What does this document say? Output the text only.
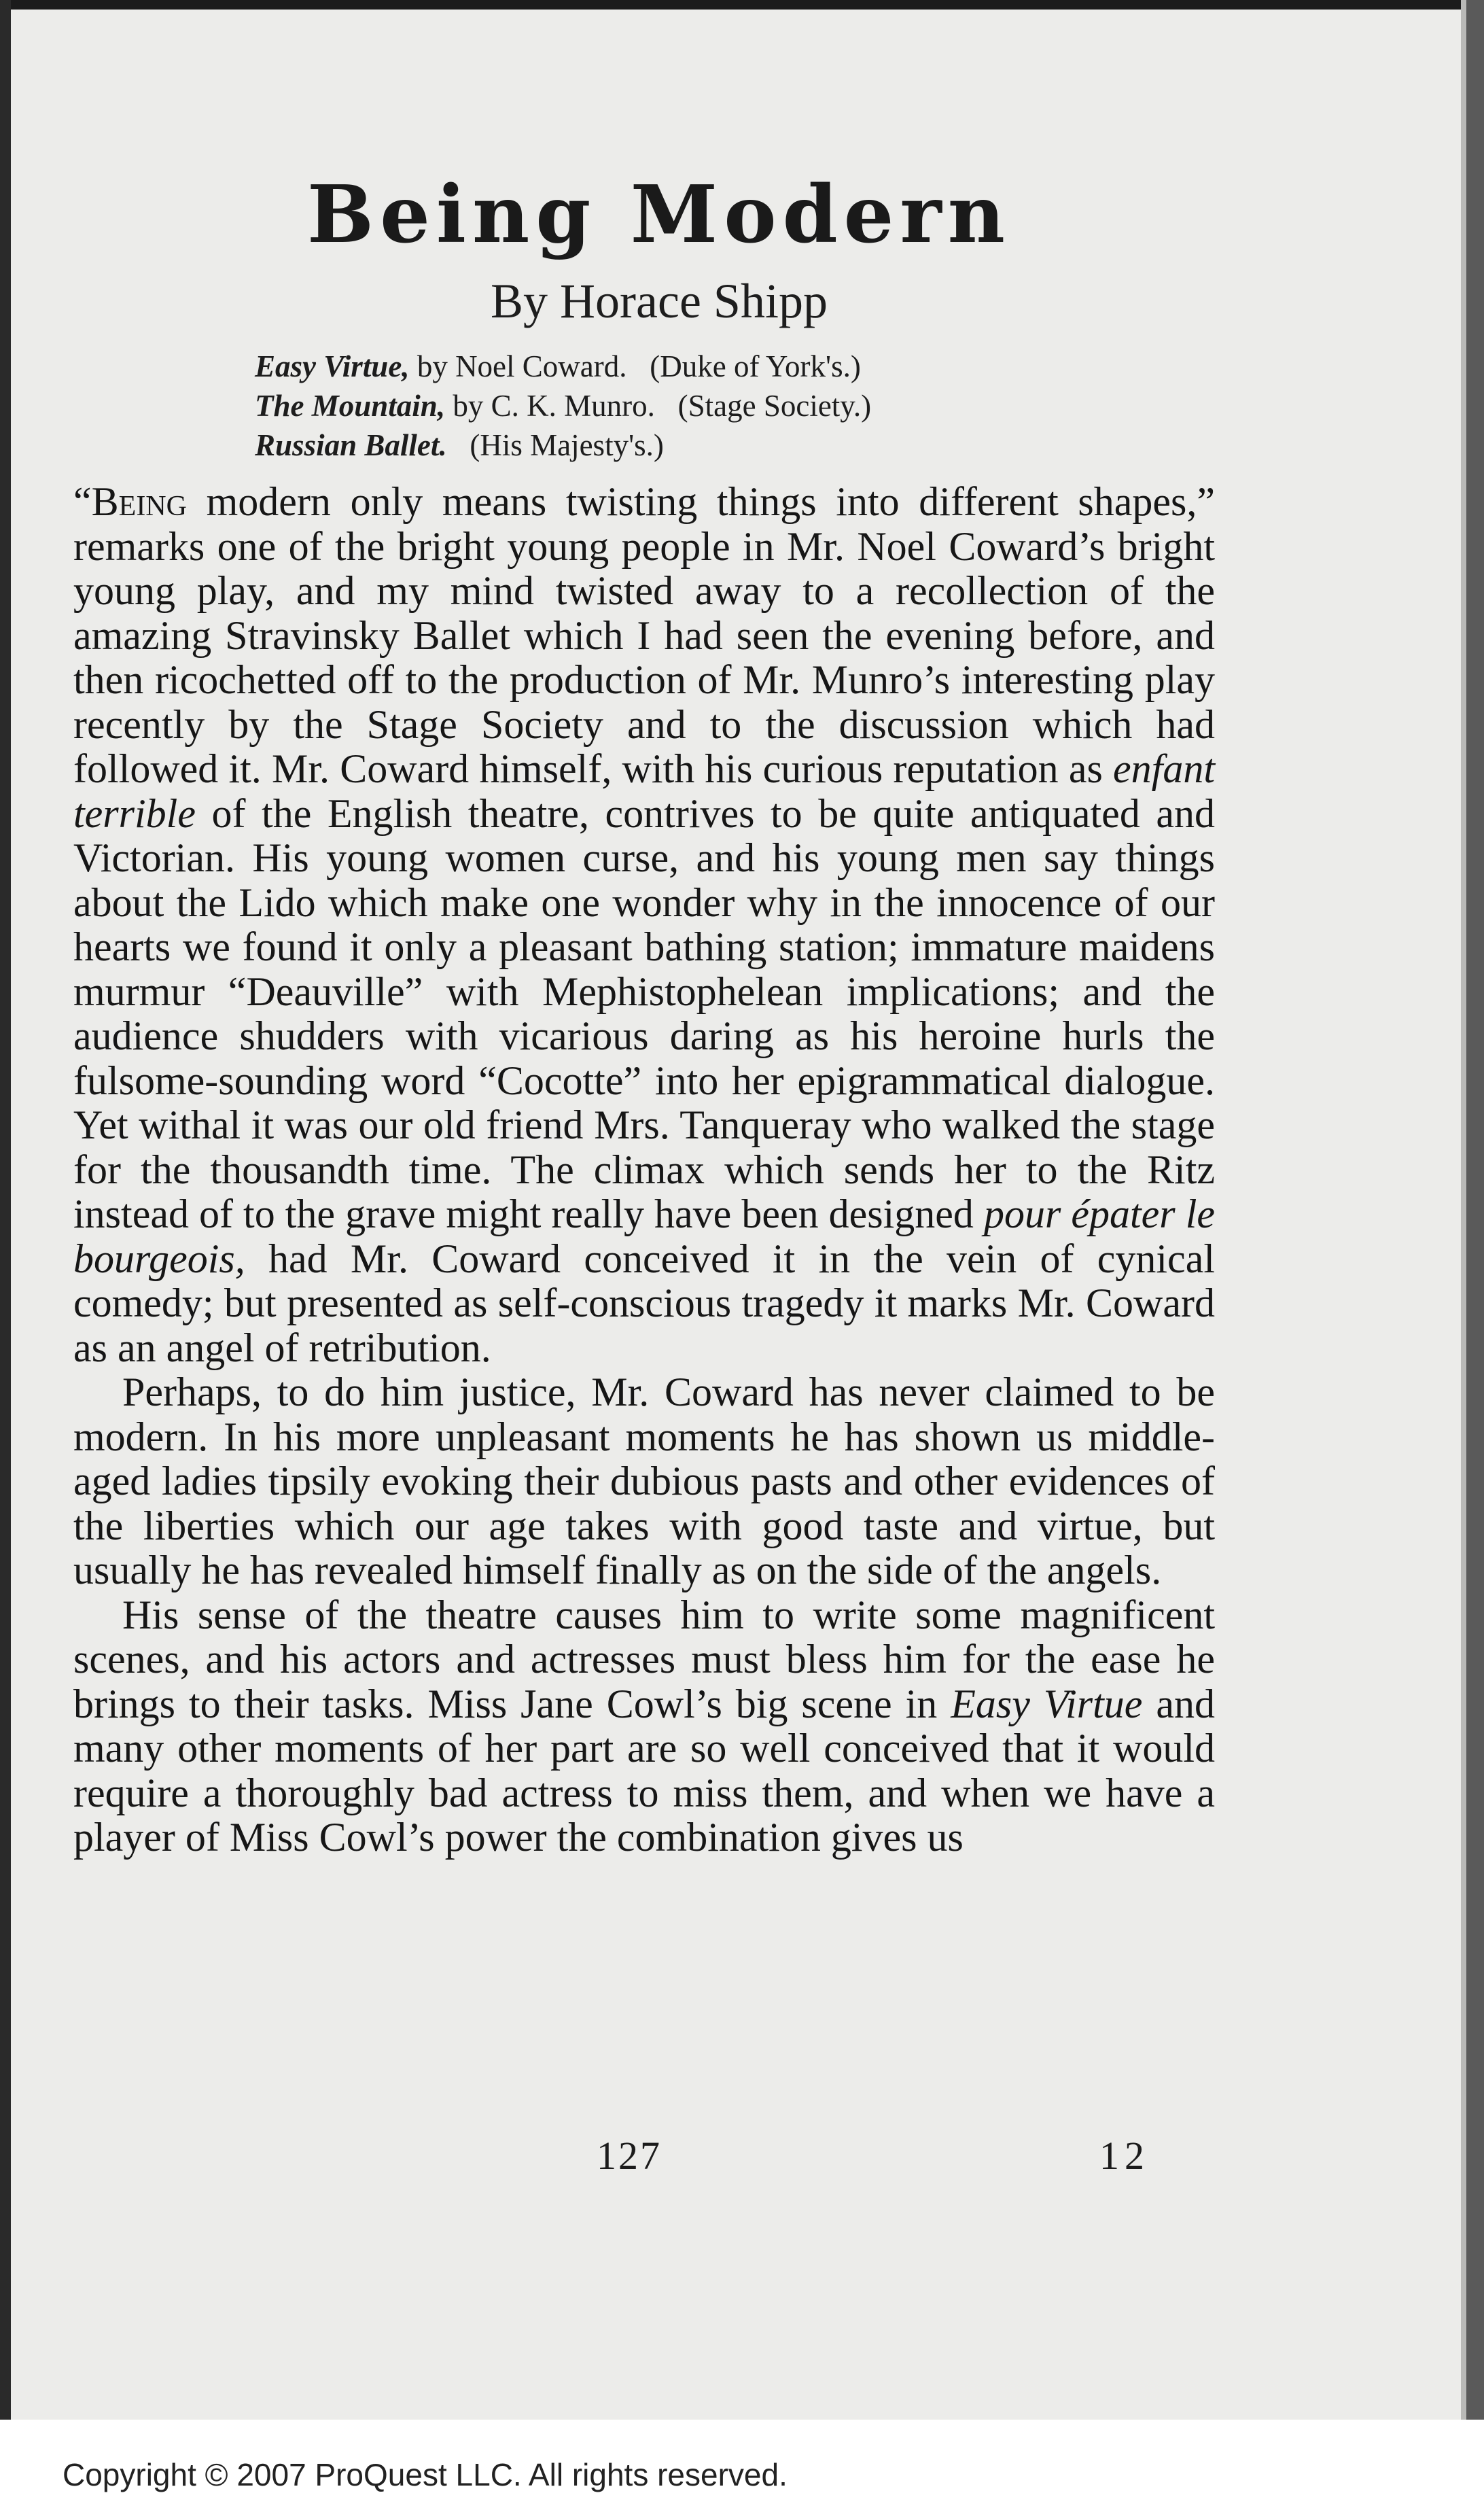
Being Modern
By Horace Shipp
Easy Virtue, by Noel Coward.   (Duke of York's.)
The Mountain, by C. K. Munro.   (Stage Society.)
Russian Ballet.   (His Majesty's.)

“Being modern only means twisting things into different shapes,” remarks one of the bright young people in Mr. Noel Coward’s bright young play, and my mind twisted away to a recollection of the amazing Stravinsky Ballet which I had seen the evening before, and then ricochetted off to the production of Mr. Munro’s interesting play recently by the Stage Society and to the discussion which had followed it. Mr. Coward himself, with his curious reputation as enfant terrible of the English theatre, contrives to be quite antiquated and Victorian. His young women curse, and his young men say things about the Lido which make one wonder why in the innocence of our hearts we found it only a pleasant bathing station; immature maidens murmur “Deauville” with Mephistophelean implications; and the audience shudders with vicarious daring as his heroine hurls the fulsome-sounding word “Cocotte” into her epigrammatical dialogue. Yet withal it was our old friend Mrs. Tanqueray who walked the stage for the thousandth time. The climax which sends her to the Ritz instead of to the grave might really have been designed pour épater le bourgeois, had Mr. Coward conceived it in the vein of cynical comedy; but presented as self-conscious tragedy it marks Mr. Coward as an angel of retribution.

Perhaps, to do him justice, Mr. Coward has never claimed to be modern. In his more unpleasant moments he has shown us middle-aged ladies tipsily evoking their dubious pasts and other evidences of the liberties which our age takes with good taste and virtue, but usually he has revealed himself finally as on the side of the angels.

His sense of the theatre causes him to write some magnificent scenes, and his actors and actresses must bless him for the ease he brings to their tasks. Miss Jane Cowl’s big scene in Easy Virtue and many other moments of her part are so well conceived that it would require a thoroughly bad actress to miss them, and when we have a player of Miss Cowl’s power the combination gives us

127	12
Copyright © 2007 ProQuest LLC. All rights reserved.
